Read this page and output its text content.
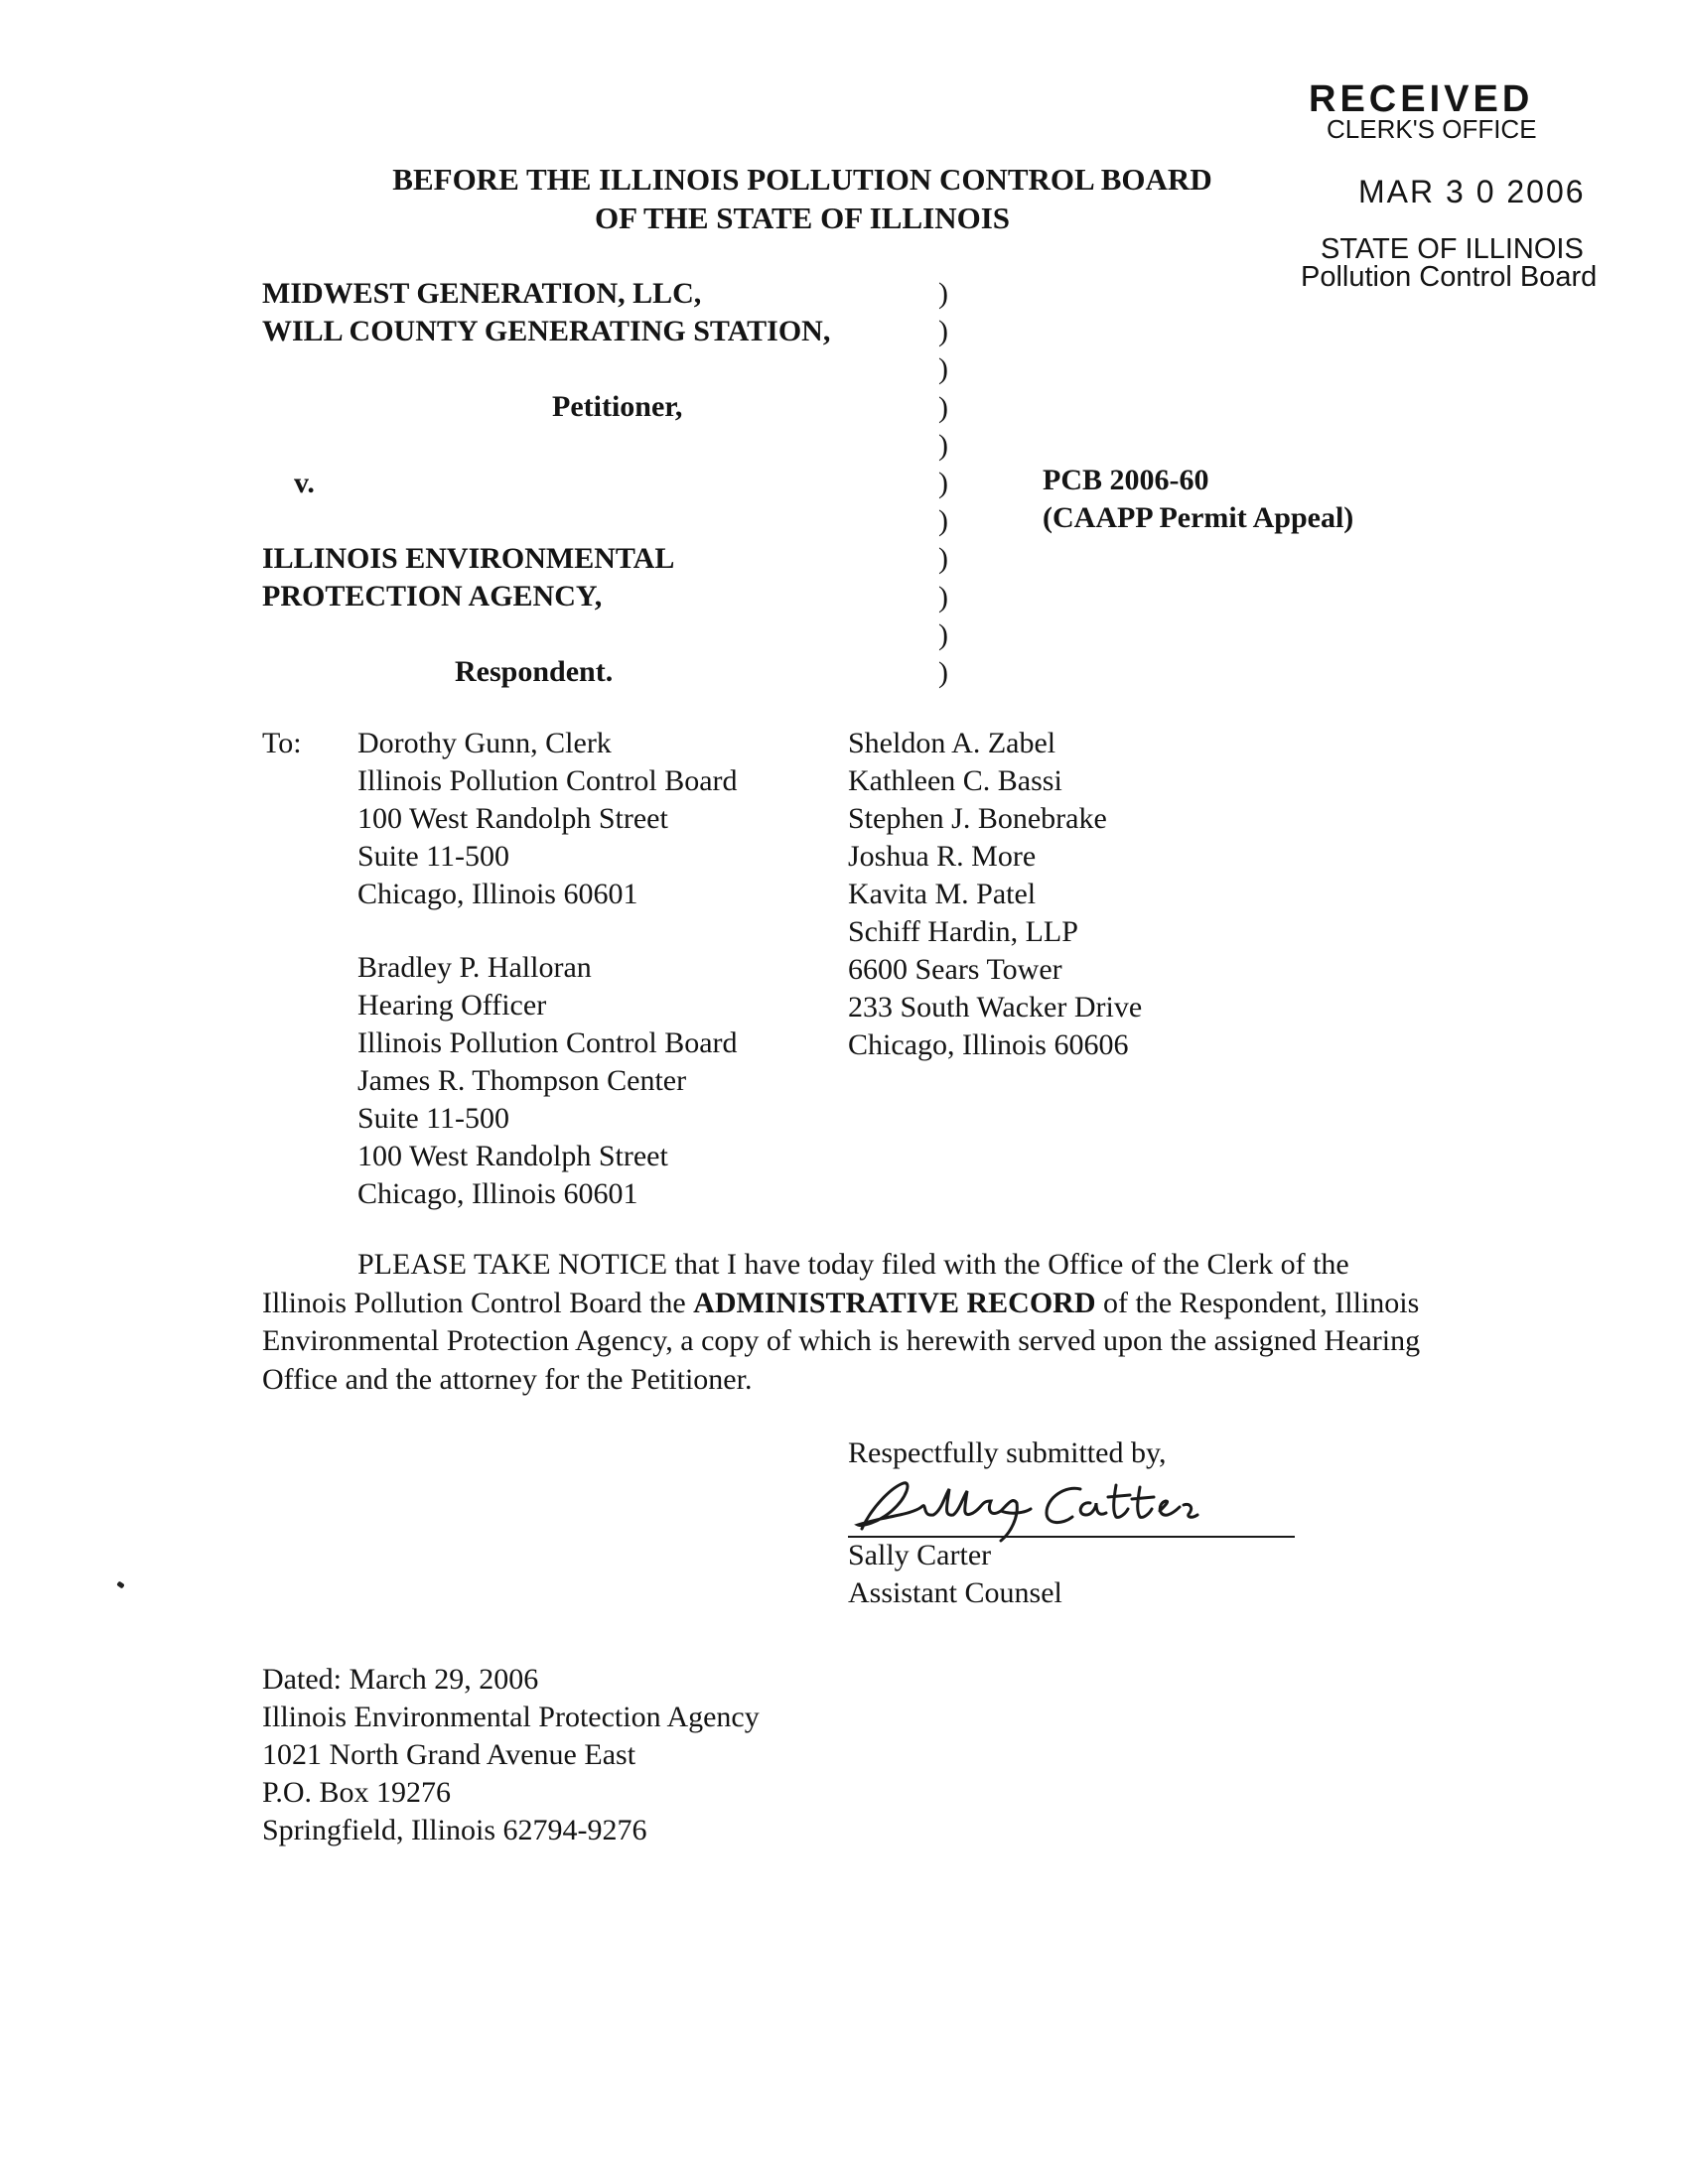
RECEIVED
CLERK'S OFFICE
MAR 3 0 2006
STATE OF ILLINOIS
Pollution Control Board
BEFORE THE ILLINOIS POLLUTION CONTROL BOARD
OF THE STATE OF ILLINOIS
MIDWEST GENERATION, LLC,
WILL COUNTY GENERATING STATION,
Petitioner,
v.
ILLINOIS ENVIRONMENTAL
PROTECTION AGENCY,
Respondent.
)
)
)
)
)
)
)
)
)
)
)
PCB 2006-60
(CAAPP Permit Appeal)
To: Dorothy Gunn, Clerk
Illinois Pollution Control Board
100 West Randolph Street
Suite 11-500
Chicago, Illinois 60601
Bradley P. Halloran
Hearing Officer
Illinois Pollution Control Board
James R. Thompson Center
Suite 11-500
100 West Randolph Street
Chicago, Illinois 60601
Sheldon A. Zabel
Kathleen C. Bassi
Stephen J. Bonebrake
Joshua R. More
Kavita M. Patel
Schiff Hardin, LLP
6600 Sears Tower
233 South Wacker Drive
Chicago, Illinois 60606
PLEASE TAKE NOTICE that I have today filed with the Office of the Clerk of the Illinois Pollution Control Board the ADMINISTRATIVE RECORD of the Respondent, Illinois Environmental Protection Agency, a copy of which is herewith served upon the assigned Hearing Office and the attorney for the Petitioner.
Respectfully submitted by,
Sally Carter
Assistant Counsel
Dated: March 29, 2006
Illinois Environmental Protection Agency
1021 North Grand Avenue East
P.O. Box 19276
Springfield, Illinois 62794-9276
